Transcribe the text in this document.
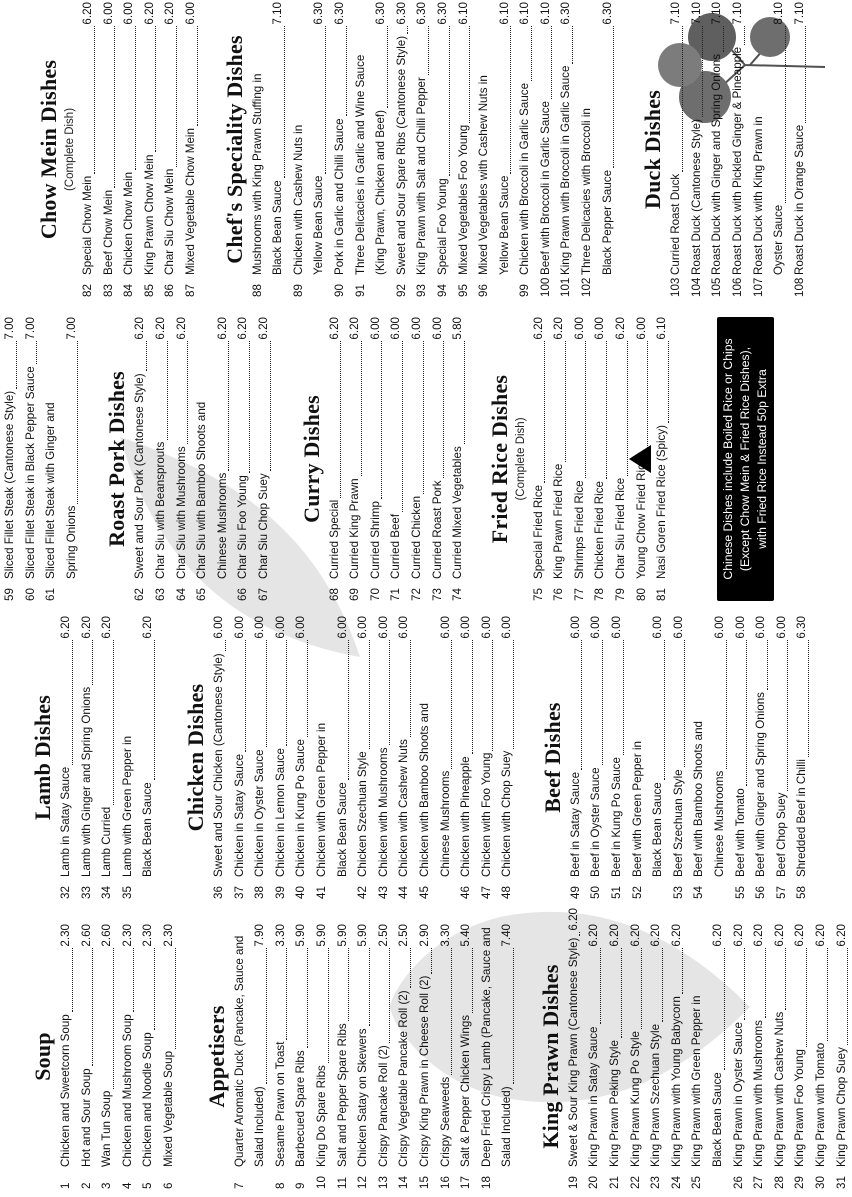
Soup
1
Chicken and Sweetcorn Soup
2.30
2
Hot and Sour Soup
2.60
3
Wan Tun Soup
2.60
4
Chicken and Mushroom Soup
2.30
5
Chicken and Noodle Soup
2.30
6
Mixed Vegetable Soup
2.30
Appetisers
7
Quarter Aromatic Duck (Pancake, Sauce and Salad Included)
7.90
8
Sesame Prawn on Toast
3.30
9
Barbecued Spare Ribs
5.90
10
King Do Spare Ribs
5.90
11
Salt and Pepper Spare Ribs
5.90
12
Chicken Satay on Skewers
5.90
13
Crispy Pancake Roll (2)
2.50
14
Crispy Vegetable Pancake Roll (2)
2.50
15
Crispy King Prawn in Cheese Roll (2)
2.90
16
Crispy Seaweeds
3.30
17
Salt & Pepper Chicken Wings
5.40
18
Deep Fried Crispy Lamb (Pancake, Sauce and Salad Included)
7.40
King Prawn Dishes
19
Sweet & Sour King Prawn (Cantonese Style)
6.20
20
King Prawn in Satay Sauce
6.20
21
King Prawn Peking Style
6.20
22
King Prawn Kung Po Style
6.20
23
King Prawn Szechuan Style
6.20
24
King Prawn with Young Babycorn
6.20
25
King Prawn with Green Pepper in Black Bean Sauce
6.20
26
King Prawn in Oyster Sauce
6.20
27
King Prawn with Mushrooms
6.20
28
King Prawn with Cashew Nuts
6.20
29
King Prawn Foo Young
6.20
30
King Prawn with Tomato
6.20
31
King Prawn Chop Suey
6.20
Lamb Dishes
32
Lamb in Satay Sauce
6.20
33
Lamb with Ginger and Spring Onions
6.20
34
Lamb Curried
6.20
35
Lamb with Green Pepper in Black Bean Sauce
6.20
Chicken Dishes
36
Sweet and Sour Chicken (Cantonese Style)
6.00
37
Chicken in Satay Sauce
6.00
38
Chicken in Oyster Sauce
6.00
39
Chicken in Lemon Sauce
6.00
40
Chicken in Kung Po Sauce
6.00
41
Chicken with Green Pepper in Black Bean Sauce
6.00
42
Chicken Szechuan Style
6.00
43
Chicken with Mushrooms
6.00
44
Chicken with Cashew Nuts
6.00
45
Chicken with Bamboo Shoots and Chinese Mushrooms
6.00
46
Chicken with Pineapple
6.00
47
Chicken with Foo Young
6.00
48
Chicken with Chop Suey
6.00
Beef Dishes
49
Beef in Satay Sauce
6.00
50
Beef in Oyster Sauce
6.00
51
Beef in Kung Po Sauce
6.00
52
Beef with Green Pepper in Black Bean Sauce
6.00
53
Beef Szechuan Style
6.00
54
Beef with Bamboo Shoots and Chinese Mushrooms
6.00
55
Beef with Tomato
6.00
56
Beef with Ginger and Spring Onions
6.00
57
Beef Chop Suey
6.00
58
Shredded Beef in Chilli
6.30
59
Sliced Fillet Steak (Cantonese Style)
7.00
60
Sliced Fillet Steak in Black Pepper Sauce
7.00
61
Sliced Fillet Steak with Ginger and Spring Onions
7.00
Roast Pork Dishes
62
Sweet and Sour Pork (Cantonese Style)
6.20
63
Char Siu with Beansprouts
6.20
64
Char Siu with Mushrooms
6.20
65
Char Siu with Bamboo Shoots and Chinese Mushrooms
6.20
66
Char Siu Foo Young
6.20
67
Char Siu Chop Suey
6.20
Curry Dishes
68
Curried Special
6.20
69
Curried King Prawn
6.20
70
Curried Shrimp
6.00
71
Curried Beef
6.00
72
Curried Chicken
6.00
73
Curried Roast Pork
6.00
74
Curried Mixed Vegetables
5.80
Fried Rice Dishes (Complete Dish)
75
Special Fried Rice
6.20
76
King Prawn Fried Rice
6.20
77
Shrimps Fried Rice
6.00
78
Chicken Fried Rice
6.00
79
Char Siu Fried Rice
6.20
80
Young Chow Fried Rice
6.00
81
Nasi Goren Fried Rice (Spicy)
6.10
Chinese Dishes include Boiled Rice or Chips (Except Chow Mein & Fried Rice Dishes), with Fried Rice Instead 50p Extra
Chow Mein Dishes (Complete Dish)
82
Special Chow Mein
6.20
83
Beef Chow Mein
6.00
84
Chicken Chow Mein
6.00
85
King Prawn Chow Mein
6.20
86
Char Siu Chow Mein
6.20
87
Mixed Vegetable Chow Mein
6.00
Chef's Speciality Dishes
88
Mushrooms with King Prawn Stuffing in Black Bean Sauce
7.10
89
Chicken with Cashew Nuts in Yellow Bean Sauce
6.30
90
Pork in Garlic and Chilli Sauce
6.30
91
Three Delicacies in Garlic and Wine Sauce (King Prawn, Chicken and Beef)
6.30
92
Sweet and Sour Spare Ribs (Cantonese Style)
6.30
93
King Prawn with Salt and Chilli Pepper
6.30
94
Special Foo Young
6.30
95
Mixed Vegetables Foo Young
6.10
96
Mixed Vegetables with Cashew Nuts in Yellow Bean Sauce
6.10
99
Chicken with Broccoli in Garlic Sauce
6.10
100
Beef with Broccoli in Garlic Sauce
6.10
101
King Prawn with Broccoli in Garlic Sauce
6.30
102
Three Delicacies with Broccoli in Black Pepper Sauce
6.30
Duck Dishes
103
Curried Roast Duck
7.10
104
Roast Duck (Cantonese Style)
7.10
105
Roast Duck with Ginger and Spring Onions
7.10
106
Roast Duck with Pickled Ginger & Pineapple
7.10
107
Roast Duck with King Prawn in Oyster Sauce
8.10
108
Roast Duck in Orange Sauce
7.10
